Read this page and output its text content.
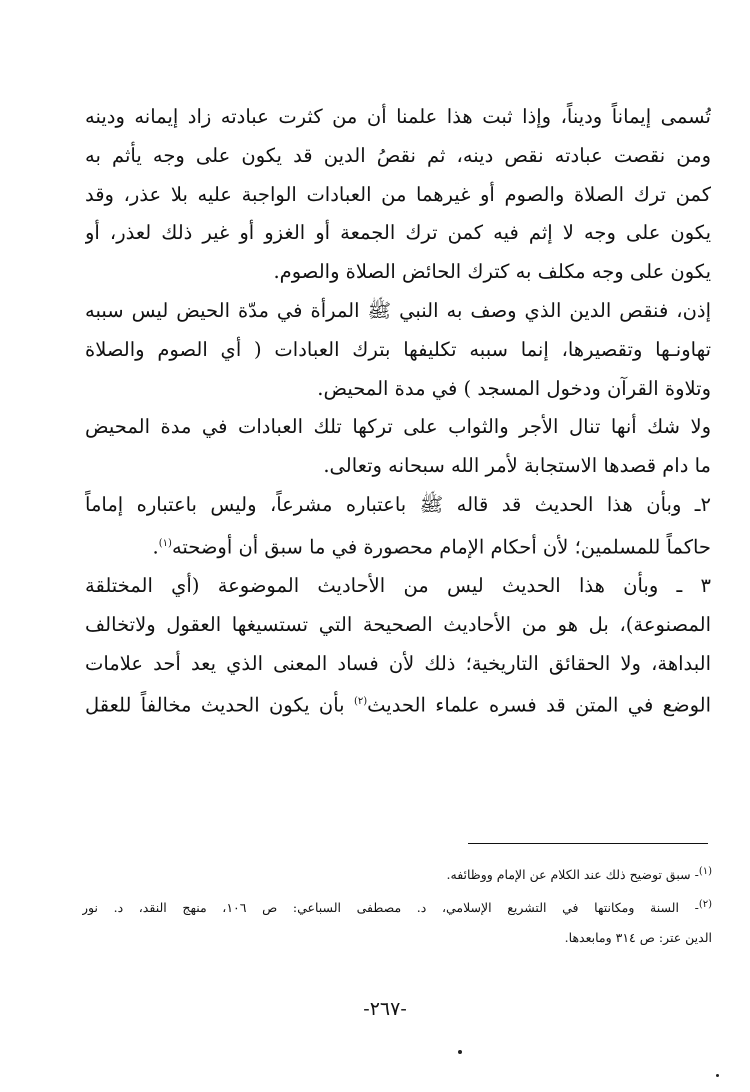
تُسمى إيماناً وديناً، وإذا ثبت هذا علمنا أن من كثرت عبادته زاد إيمانه ودينه
ومن نقصت عبادته نقص دينه، ثم نقصُ الدين قد يكون على وجه يأثم به
كمن ترك الصلاة والصوم أو غيرهما من العبادات الواجبة عليه بلا عذر، وقد
يكون على وجه لا إثم فيه كمن ترك الجمعة أو الغزو أو غير ذلك لعذر، أو
يكون على وجه مكلف به كترك الحائض الصلاة والصوم.

إذن، فنقص الدين الذي وصف به النبي ﷺ المرأة في مدّة الحيض ليس سببه
تهاونـها وتقصيرها، إنما سببه تكليفها بترك العبادات ( أي الصوم والصلاة
وتلاوة القرآن ودخول المسجد ) في مدة المحيض.

ولا شك أنها تنال الأجر والثواب على تركها تلك العبادات في مدة المحيض
ما دام قصدها الاستجابة لأمر الله سبحانه وتعالى.

٢ـ وبأن هذا الحديث قد قاله ﷺ باعتباره مشرعاً، وليس باعتباره إماماً
حاكماً للمسلمين؛ لأن أحكام الإمام محصورة في ما سبق أن أوضحته$^{(١)}$.

٣ ـ وبأن هذا الحديث ليس من الأحاديث الموضوعة (أي المختلقة
المصنوعة)، بل هو من الأحاديث الصحيحة التي تستسيغها العقول ولاتخالف
البداهة، ولا الحقائق التاريخية؛ ذلك لأن فساد المعنى الذي يعد أحد علامات
الوضع في المتن قد فسره علماء الحديث$^{(٢)}$ بأن يكون الحديث مخالفاً للعقل

$^{(١)}$- سبق توضيح ذلك عند الكلام عن الإمام ووظائفه.

$^{(٢)}$- السنة ومكانتها في التشريع الإسلامي، د. مصطفى السباعي: ص ١٠٦، منهج النقد، د. نور
الدين عتر: ص ٣١٤ ومابعدها.

-٢٦٧-
